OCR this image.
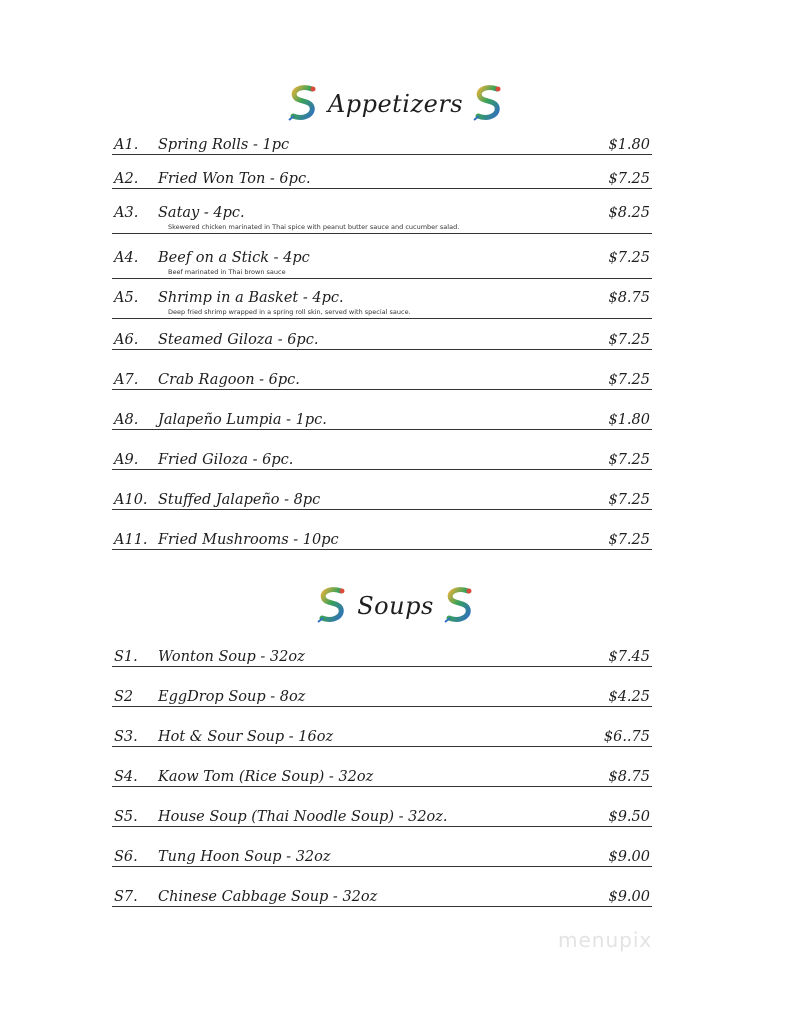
Appetizers
A1.	Spring Rolls - 1pc	$1.80
A2.	Fried Won Ton - 6pc.	$7.25
A3.	Satay - 4pc.	$8.25
Skewered chicken marinated in Thai spice with peanut butter sauce and cucumber salad.
A4.	Beef on a Stick - 4pc	$7.25
Beef marinated in Thai brown sauce
A5.	Shrimp in a Basket - 4pc.	$8.75
Deep fried shrimp wrapped in a spring roll skin, served with special sauce.
A6.	Steamed Giloza - 6pc.	$7.25
A7.	Crab Ragoon - 6pc.	$7.25
A8.	Jalapeño Lumpia - 1pc.	$1.80
A9.	Fried Giloza - 6pc.	$7.25
A10. Stuffed Jalapeño - 8pc	$7.25
A11. Fried Mushrooms - 10pc	$7.25
Soups
S1.	Wonton Soup - 32oz	$7.45
S2	EggDrop Soup - 8oz	$4.25
S3.	Hot & Sour Soup - 16oz	$6..75
S4.	Kaow Tom (Rice Soup) - 32oz	$8.75
S5.	House Soup (Thai Noodle Soup) - 32oz.	$9.50
S6.	Tung Hoon Soup - 32oz	$9.00
S7.	Chinese Cabbage Soup - 32oz	$9.00
menupix
